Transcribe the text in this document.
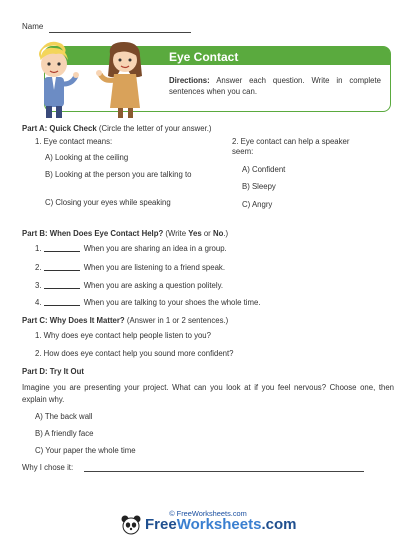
Name
Eye Contact
Directions: Answer each question. Write in complete sentences when you can.
Part A: Quick Check (Circle the letter of your answer.)
1. Eye contact means:
A) Looking at the ceiling
B) Looking at the person you are talking to
C) Closing your eyes while speaking
2. Eye contact can help a speaker seem:
A) Confident
B) Sleepy
C) Angry
Part B: When Does Eye Contact Help? (Write Yes or No.)
1.	When you are sharing an idea in a group.
2.	When you are listening to a friend speak.
3.	When you are asking a question politely.
4.	When you are talking to your shoes the whole time.
Part C: Why Does It Matter? (Answer in 1 or 2 sentences.)
1. Why does eye contact help people listen to you?
2. How does eye contact help you sound more confident?
Part D: Try It Out
Imagine you are presenting your project. What can you look at if you feel nervous? Choose one, then explain why.
A) The back wall
B) A friendly face
C) Your paper the whole time
Why I chose it:
© FreeWorksheets.com
FreeWorksheets.com
